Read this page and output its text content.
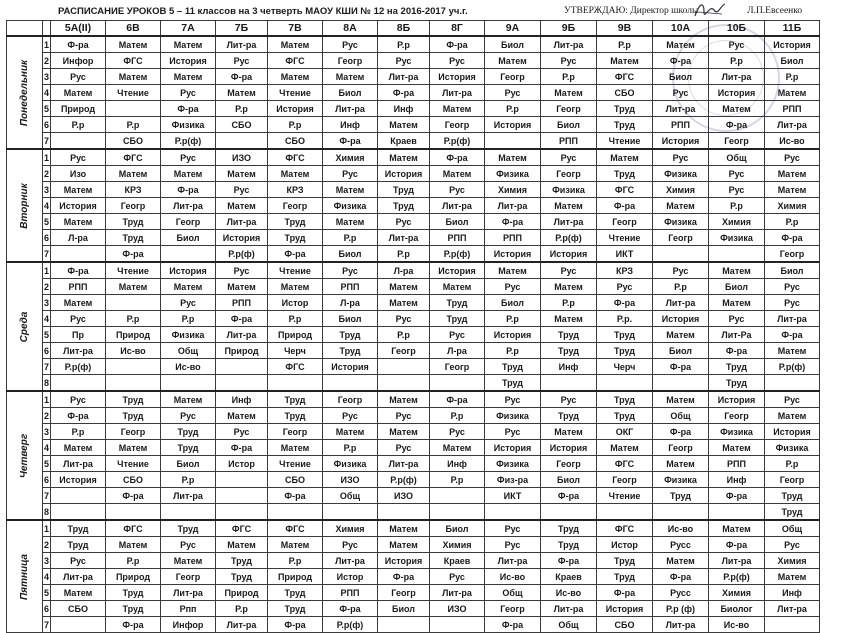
РАСПИСАНИЕ УРОКОВ 5 – 11 классов на 3 четверть МАОУ КШИ № 12 на 2016-2017 уч.г.	УТВЕРЖДАЮ: Директор школы	Л.П.Евсеенко
		5А(II)	6В	7А	7Б	7В	8А	8Б	8Г	9А	9Б	9В	10А	10Б	11Б

Понедельник	1	Ф-ра	Матем	Матем	Лит-ра	Матем	Рус	Р.р	Ф-ра	Биол	Лит-ра	Р.р	Матем	Рус	История
	2	Инфор	ФГС	История	Рус	ФГС	Геогр	Рус	Рус	Матем	Рус	Матем	Ф-ра	Р.р	Биол
	3	Рус	Матем	Матем	Ф-ра	Матем	Матем	Лит-ра	История	Геогр	Р.р	ФГС	Биол	Лит-ра	Р.р
	4	Матем	Чтение	Рус	Матем	Чтение	Биол	Ф-ра	Лит-ра	Рус	Матем	СБО	Рус	История	Матем
	5	Природ		Ф-ра	Р.р	История	Лит-ра	Инф	Матем	Р.р	Геогр	Труд	Лит-ра	Матем	РПП
	6	Р.р	Р.р	Физика	СБО	Р.р	Инф	Матем	Геогр	История	Биол	Труд	РПП	Ф-ра	Лит-ра
	7		СБО	Р.р(ф)		СБО	Ф-ра	Краев	Р.р(ф)		РПП	Чтение	История	Геогр	Ис-во

Вторник	1	Рус	ФГС	Рус	ИЗО	ФГС	Химия	Матем	Ф-ра	Матем	Рус	Матем	Рус	Общ	Рус
	2	Изо	Матем	Матем	Матем	Матем	Рус	История	Матем	Физика	Геогр	Труд	Физика	Рус	Матем
	3	Матем	КРЗ	Ф-ра	Рус	КРЗ	Матем	Труд	Рус	Химия	Физика	ФГС	Химия	Рус	Матем
	4	История	Геогр	Лит-ра	Матем	Геогр	Физика	Труд	Лит-ра	Лит-ра	Матем	Ф-ра	Матем	Р.р	Химия
	5	Матем	Труд	Геогр	Лит-ра	Труд	Матем	Рус	Биол	Ф-ра	Лит-ра	Геогр	Физика	Химия	Р.р
	6	Л-ра	Труд	Биол	История	Труд	Р.р	Лит-ра	РПП	РПП	Р.р(ф)	Чтение	Геогр	Физика	Ф-ра
	7		Ф-ра		Р.р(ф)	Ф-ра	Биол	Р.р	Р.р(ф)	История	История	ИКТ			Геогр

Среда	1	Ф-ра	Чтение	История	Рус	Чтение	Рус	Л-ра	История	Матем	Рус	КРЗ	Рус	Матем	Биол
	2	РПП	Матем	Матем	Матем	Матем	РПП	Матем	Матем	Рус	Матем	Рус	Р.р	Биол	Рус
	3	Матем		Рус	РПП	Истор	Л-ра	Матем	Труд	Биол	Р.р	Ф-ра	Лит-ра	Матем	Рус
	4	Рус	Р.р	Р.р	Ф-ра	Р.р	Биол	Рус	Труд	Р.р	Матем	Р.р.	История	Рус	Лит-ра
	5	Пр	Природ	Физика	Лит-ра	Природ	Труд	Р.р	Рус	История	Труд	Труд	Матем	Лит-Ра	Ф-ра
	6	Лит-ра	Ис-во	Общ	Природ	Черч	Труд	Геогр	Л-ра	Р.р	Труд	Труд	Биол	Ф-ра	Матем
	7	Р.р(ф)		Ис-во		ФГС	История		Геогр	Труд	Инф	Черч	Ф-ра	Труд	Р.р(ф)
	8									Труд				Труд	

Четверг	1	Рус	Труд	Матем	Инф	Труд	Геогр	Матем	Ф-ра	Рус	Рус	Труд	Матем	История	Рус
	2	Ф-ра	Труд	Рус	Матем	Труд	Рус	Рус	Р.р	Физика	Труд	Труд	Общ	Геогр	Матем
	3	Р.р	Геогр	Труд	Рус	Геогр	Матем	Матем	Рус	Рус	Матем	ОКГ	Ф-ра	Физика	История
	4	Матем	Матем	Труд	Ф-ра	Матем	Р.р	Рус	Матем	История	История	Матем	Геогр	Матем	Физика
	5	Лит-ра	Чтение	Биол	Истор	Чтение	Физика	Лит-ра	Инф	Физика	Геогр	ФГС	Матем	РПП	Р.р
	6	История	СБО	Р.р		СБО	ИЗО	Р.р(ф)	Р.р	Физ-ра	Биол	Геогр	Физика	Инф	Геогр
	7		Ф-ра	Лит-ра		Ф-ра	Общ	ИЗО		ИКТ	Ф-ра	Чтение	Труд	Ф-ра	Труд
	8														Труд

Пятница	1	Труд	ФГС	Труд	ФГС	ФГС	Химия	Матем	Биол	Рус	Труд	ФГС	Ис-во	Матем	Общ
	2	Труд	Матем	Рус	Матем	Матем	Рус	Матем	Химия	Рус	Труд	Истор	Русс	Ф-ра	Рус
	3	Рус	Р.р	Матем	Труд	Р.р	Лит-ра	История	Краев	Лит-ра	Ф-ра	Труд	Матем	Лит-ра	Химия
	4	Лит-ра	Природ	Геогр	Труд	Природ	Истор	Ф-ра	Рус	Ис-во	Краев	Труд	Ф-ра	Р.р(ф)	Матем
	5	Матем	Труд	Лит-ра	Природ	Труд	РПП	Геогр	Лит-ра	Общ	Ис-во	Ф-ра	Русс	Химия	Инф
	6	СБО	Труд	Рпп	Р.р	Труд	Ф-ра	Биол	ИЗО	Геогр	Лит-ра	История	Р.р (ф)	Биолог	Лит-ра
	7		Ф-ра	Инфор	Лит-ра	Ф-ра	Р.р(ф)			Ф-ра	Общ	СБО	Лит-ра	Ис-во	
